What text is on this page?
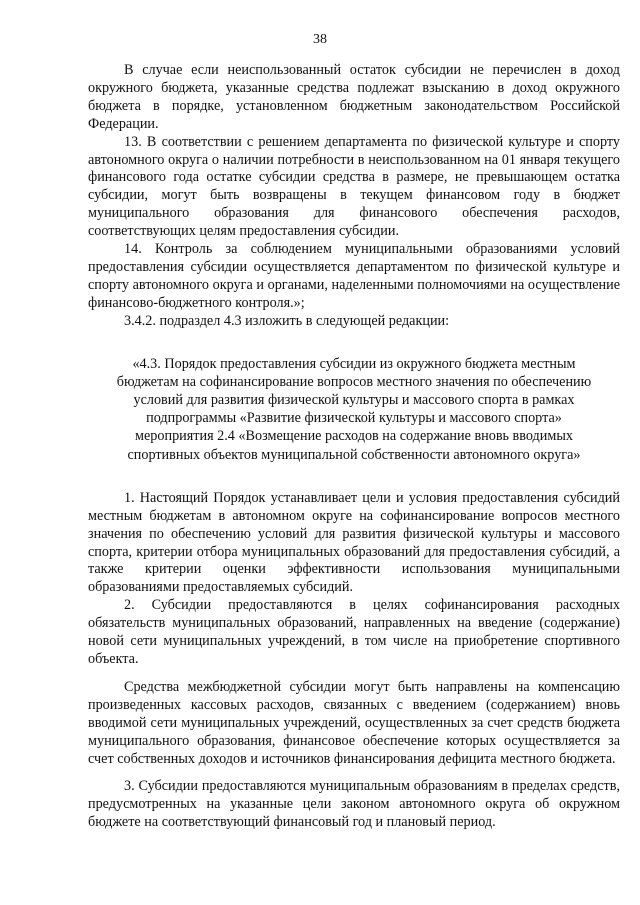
38

В случае если неиспользованный остаток субсидии не перечислен в доход окружного бюджета, указанные средства подлежат взысканию в доход окружного бюджета в порядке, установленном бюджетным законодательством Российской Федерации.

13. В соответствии с решением департамента по физической культуре и спорту автономного округа о наличии потребности в неиспользованном на 01 января текущего финансового года остатке субсидии средства в размере, не превышающем остатка субсидии, могут быть возвращены в текущем финансовом году в бюджет муниципального образования для финансового обеспечения расходов, соответствующих целям предоставления субсидии.

14. Контроль за соблюдением муниципальными образованиями условий предоставления субсидии осуществляется департаментом по физической культуре и спорту автономного округа и органами, наделенными полномочиями на осуществление финансово-бюджетного контроля.»;

3.4.2. подраздел 4.3 изложить в следующей редакции:

«4.3. Порядок предоставления субсидии из окружного бюджета местным бюджетам на софинансирование вопросов местного значения по обеспечению условий для развития физической культуры и массового спорта в рамках подпрограммы «Развитие физической культуры и массового спорта» мероприятия 2.4 «Возмещение расходов на содержание вновь вводимых спортивных объектов муниципальной собственности автономного округа»

1. Настоящий Порядок устанавливает цели и условия предоставления субсидий местным бюджетам в автономном округе на софинансирование вопросов местного значения по обеспечению условий для развития физической культуры и массового спорта, критерии отбора муниципальных образований для предоставления субсидий, а также критерии оценки эффективности использования муниципальными образованиями предоставляемых субсидий.

2. Субсидии предоставляются в целях софинансирования расходных обязательств муниципальных образований, направленных на введение (содержание) новой сети муниципальных учреждений, в том числе на приобретение спортивного объекта.

Средства межбюджетной субсидии могут быть направлены на компенсацию произведенных кассовых расходов, связанных с введением (содержанием) вновь вводимой сети муниципальных учреждений, осуществленных за счет средств бюджета муниципального образования, финансовое обеспечение которых осуществляется за счет собственных доходов и источников финансирования дефицита местного бюджета.

3. Субсидии предоставляются муниципальным образованиям в пределах средств, предусмотренных на указанные цели законом автономного округа об окружном бюджете на соответствующий финансовый год и плановый период.
